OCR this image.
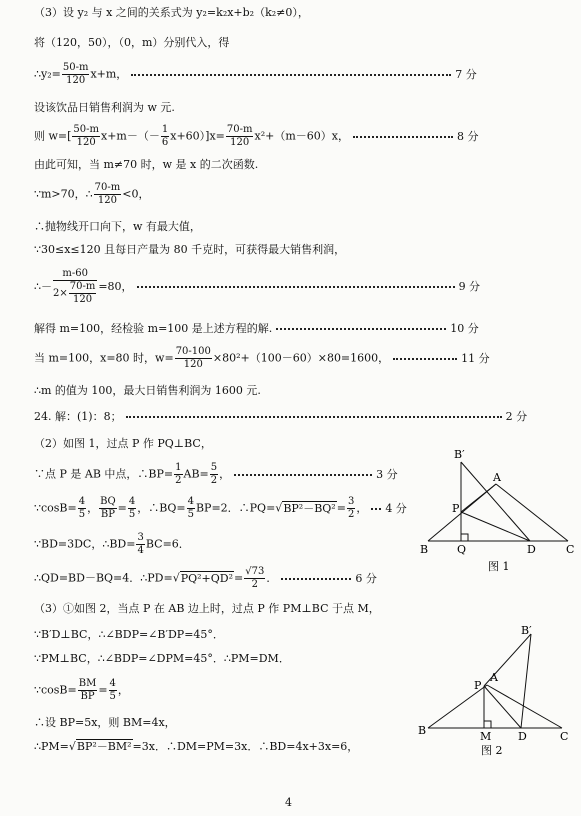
（3）设 y₂ 与 x 之间的关系式为 y₂=k₂x+b₂（k₂≠0），
将（120，50），（0，m）分别代入，得
∴y₂= $\frac{50-m}{120} x+m$，	7 分
设该饮品日销售利润为 w 元.
则 $w=[ \frac{50-m}{120} x+m-(- \frac{1}{6} x+60)]x= \frac{70-m}{120} x^2+(m-60)x$，	8 分
由此可知，当 m≠70 时，w 是 x 的二次函数.
∵m>70，∴ $\frac{70-m}{120} <0$，
∴抛物线开口向下，w 有最大值，
∵30≤x≤120 且每日产量为 80 千克时，可获得最大销售利润，
∴－ $\frac{m-60}{2\times \frac{70-m}{120}} =80$，	9 分
解得 m=100，经检验 m=100 是上述方程的解.	10 分
当 m=100，x=80 时，$w= \frac{70-100}{120} \times 80^2+(100-60)\times 80=1600$，	11 分
∴m 的值为 100，最大日销售利润为 1600 元.
24. 解：(1)：8；	2 分
（2）如图 1，过点 P 作 PQ⊥BC，
∵点 P 是 AB 中点，∴BP= $\frac{1}{2} AB= \frac{5}{2}$ ，	3 分
∵cosB= $\frac{4}{5}$ ， $\frac{BQ}{BP} = \frac{4}{5}$ ，∴BQ= $\frac{4}{5} BP=2$．∴PQ=√BP²－BQ²= $\frac{3}{2}$ ， 4 分
∵BD=3DC，∴BD= $\frac{3}{4} BC=6$．
∴QD=BD－BQ=4．∴PD=√PQ²+QD²= $\frac{√73}{2}$ ．	6 分
（3）①如图 2，当点 P 在 AB 边上时，过点 P 作 PM⊥BC 于点 M，
∵B′D⊥BC，∴∠BDP=∠B′DP=45°．
∵PM⊥BC，∴∠BDP=∠DPM=45°．∴PM=DM．
∵cosB= $\frac{BM}{BP} = \frac{4}{5}$ ，
∴设 BP=5x，则 BM=4x，
∴PM=√BP²－BM²=3x．∴DM=PM=3x．∴BD=4x+3x=6，
B′
A
P
B	Q	D	C
图 1
B′
A
P
B	M D	C
图 2
4
